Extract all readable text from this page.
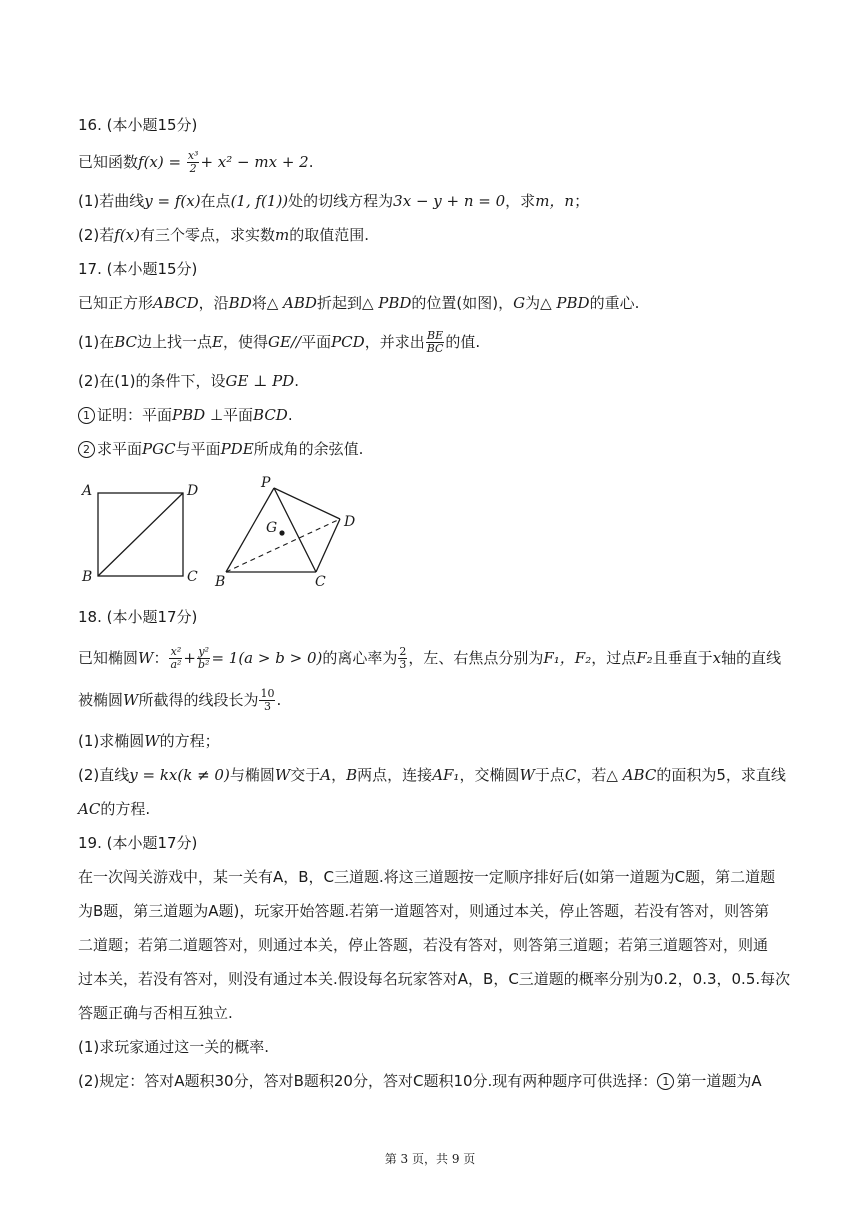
16. (本小题15分)
已知函数$f(x) = \frac{\text{x³}}{2} + x^2$ − mx + 2.
(1)若曲线y = f(x)在点(1, f(1))处的切线方程为3x − y + n = 0，求m，n；
(2)若f(x)有三个零点，求实数m的取值范围.
17. (本小题15分)
已知正方形ABCD，沿BD将△ ABD折起到△ PBD的位置(如图)，G为△ PBD的重心.
(1)在BC边上找一点E，使得GE//平面PCD，并求出 $\frac{BE}{BC}$ 的值.
(2)在(1)的条件下，设GE ⊥ PD.
1 证明：平面PBD ⊥平面BCD.
2 求平面PGC与平面PDE所成角的余弦值.
A	D
B	C
P
G	D
B	C
18. (本小题17分)
已知椭圆W： $\frac{\text{x²}}{\text{a²}} + \frac{\text{y²}}{\text{b²}} = 1(a > b > 0)$的离心率为 $\frac{2}{3}$ ，左、右焦点分别为F₁，F₂，过点F₂且垂直于x轴的直线
被椭圆W所截得的线段长为 $\frac{10}{3}$ .
(1)求椭圆W的方程；
(2)直线y = kx(k ≠ 0)与椭圆W交于A，B两点，连接AF₁，交椭圆W于点C，若△ ABC的面积为5，求直线
AC的方程.
19. (本小题17分)
在一次闯关游戏中，某一关有A，B，C三道题.将这三道题按一定顺序排好后(如第一道题为C题，第二道题
为B题，第三道题为A题)，玩家开始答题.若第一道题答对，则通过本关，停止答题，若没有答对，则答第
二道题；若第二道题答对，则通过本关，停止答题，若没有答对，则答第三道题；若第三道题答对，则通
过本关，若没有答对，则没有通过本关.假设每名玩家答对A，B，C三道题的概率分别为0.2，0.3，0.5.每次
答题正确与否相互独立.
(1)求玩家通过这一关的概率.
(2)规定：答对A题积30分，答对B题积20分，答对C题积10分.现有两种题序可供选择： 1 第一道题为A
第 3 页，共 9 页
